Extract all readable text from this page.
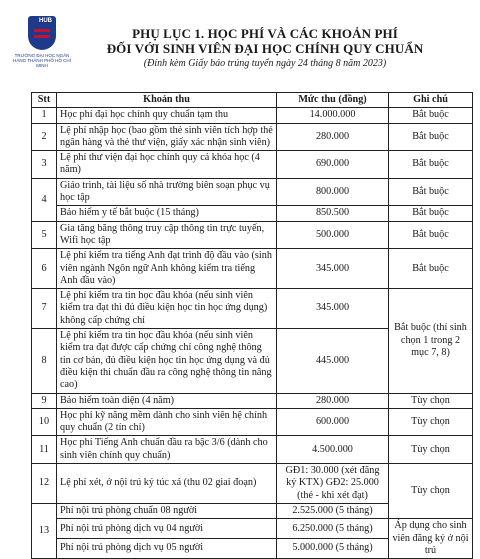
HUB
TRƯỜNG ĐẠI HỌC NGÂN HÀNG THÀNH PHỐ HỒ CHÍ MINH
PHỤ LỤC 1. HỌC PHÍ VÀ CÁC KHOẢN PHÍ
ĐỐI VỚI SINH VIÊN ĐẠI HỌC CHÍNH QUY CHUẨN
(Đính kèm Giấy báo trúng tuyển ngày 24 tháng 8 năm 2023)
Stt	Khoản thu	Mức thu (đồng)	Ghi chú
1	Học phí đại học chính quy chuẩn tạm thu	14.000.000	Bắt buộc
2	Lệ phí nhập học (bao gồm thẻ sinh viên tích hợp thẻ ngân hàng và thẻ thư viện, giấy xác nhận sinh viên)	280.000	Bắt buộc
3	Lệ phí thư viện đại học chính quy cả khóa học (4 năm)	690.000	Bắt buộc
4	Giáo trình, tài liệu số nhà trường biên soạn phục vụ học tập	800.000	Bắt buộc
	Bảo hiểm y tế bắt buộc (15 tháng)	850.500	Bắt buộc
5	Gia tăng băng thông truy cập thông tin trực tuyến, Wifi học tập	500.000	Bắt buộc
6	Lệ phí kiểm tra tiếng Anh đạt trình độ đầu vào (sinh viên ngành Ngôn ngữ Anh không kiểm tra tiếng Anh đầu vào)	345.000	Bắt buộc
7	Lệ phí kiểm tra tin học đầu khóa (nếu sinh viên kiểm tra đạt thì đủ điều kiện học tin học ứng dụng) không cấp chứng chỉ	345.000	Bắt buộc (thí sinh chọn 1 trong 2 mục 7, 8)
8	Lệ phí kiểm tra tin học đầu khóa (nếu sinh viên kiểm tra đạt được cấp chứng chỉ công nghệ thông tin cơ bản, đủ điều kiện học tin học ứng dụng và đủ điều kiện thi chuẩn đầu ra công nghệ thông tin nâng cao)	445.000	
9	Bảo hiểm toàn diện (4 năm)	280.000	Tùy chọn
10	Học phí kỹ năng mềm dành cho sinh viên hệ chính quy chuẩn (2 tín chỉ)	600.000	Tùy chọn
11	Học phí Tiếng Anh chuẩn đầu ra bậc 3/6 (dành cho sinh viên chính quy chuẩn)	4.500.000	Tùy chọn
12	Lệ phí xét, ở nội trú ký túc xá (thu 02 giai đoạn)	GĐ1: 30.000 (xét đăng ký KTX) GĐ2: 25.000 (thẻ - khi xét đạt)	Tùy chọn
13	Phí nội trú phòng chuẩn 08 người	2.525.000 (5 tháng)	
	Phí nội trú phòng dịch vụ 04 người	6.250.000 (5 tháng)	Áp dụng cho sinh viên đăng ký ở nội trú
	Phí nội trú phòng dịch vụ 05 người	5.000.000 (5 tháng)	
